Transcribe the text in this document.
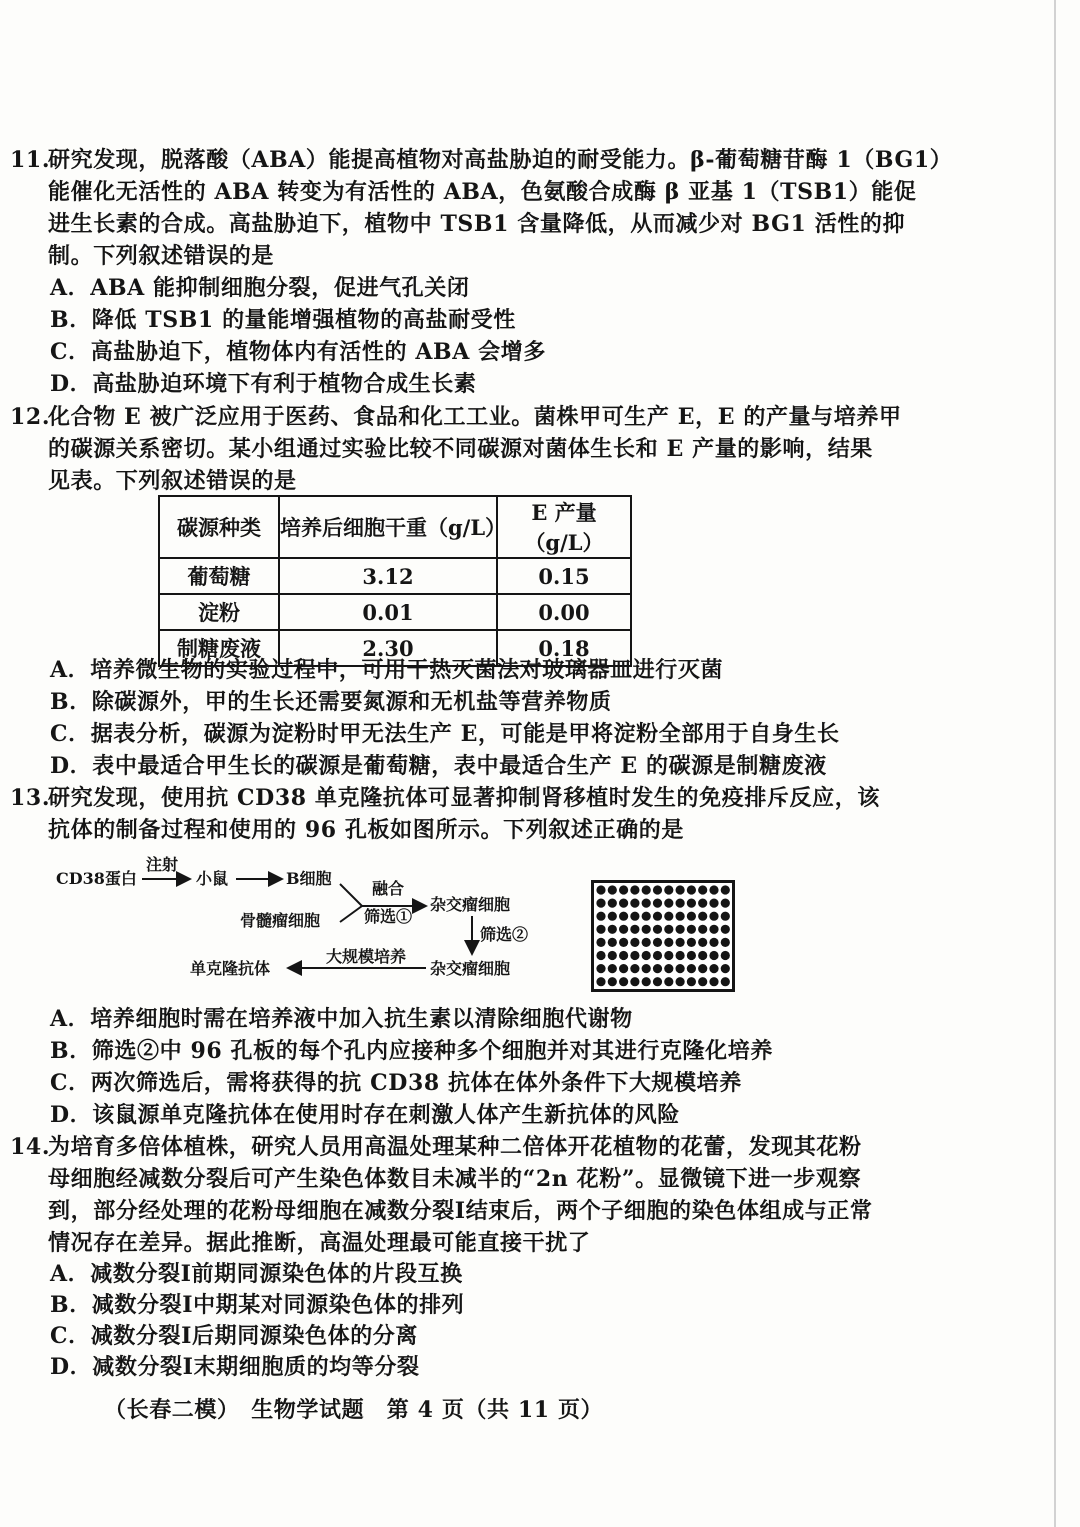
11.研究发现，脱落酸（ABA）能提高植物对高盐胁迫的耐受能力。β-葡萄糖苷酶 1（BG1）
能催化无活性的 ABA 转变为有活性的 ABA，色氨酸合成酶 β 亚基 1（TSB1）能促
进生长素的合成。高盐胁迫下，植物中 TSB1 含量降低，从而减少对 BG1 活性的抑
制。下列叙述错误的是
A．ABA 能抑制细胞分裂，促进气孔关闭
B．降低 TSB1 的量能增强植物的高盐耐受性
C．高盐胁迫下，植物体内有活性的 ABA 会增多
D．高盐胁迫环境下有利于植物合成生长素
12.化合物 E 被广泛应用于医药、食品和化工工业。菌株甲可生产 E，E 的产量与培养甲
的碳源关系密切。某小组通过实验比较不同碳源对菌体生长和 E 产量的影响，结果
见表。下列叙述错误的是
碳源种类	培养后细胞干重（g/L）	E 产量（g/L）
葡萄糖	3.12	0.15
淀粉	0.01	0.00
制糖废液	2.30	0.18
A．培养微生物的实验过程中，可用干热灭菌法对玻璃器皿进行灭菌
B．除碳源外，甲的生长还需要氮源和无机盐等营养物质
C．据表分析，碳源为淀粉时甲无法生产 E，可能是甲将淀粉全部用于自身生长
D．表中最适合甲生长的碳源是葡萄糖，表中最适合生产 E 的碳源是制糖废液
13.研究发现，使用抗 CD38 单克隆抗体可显著抑制肾移植时发生的免疫排斥反应，该
抗体的制备过程和使用的 96 孔板如图所示。下列叙述正确的是
CD38蛋白
注射
小鼠	B细胞
骨髓瘤细胞
融合
筛选①
杂交瘤细胞
筛选②
杂交瘤细胞
大规模培养
单克隆抗体
A．培养细胞时需在培养液中加入抗生素以清除细胞代谢物
B．筛选②中 96 孔板的每个孔内应接种多个细胞并对其进行克隆化培养
C．两次筛选后，需将获得的抗 CD38 抗体在体外条件下大规模培养
D．该鼠源单克隆抗体在使用时存在刺激人体产生新抗体的风险
14.为培育多倍体植株，研究人员用高温处理某种二倍体开花植物的花蕾，发现其花粉
母细胞经减数分裂后可产生染色体数目未减半的“2n 花粉”。显微镜下进一步观察
到，部分经处理的花粉母细胞在减数分裂Ⅰ结束后，两个子细胞的染色体组成与正常
情况存在差异。据此推断，高温处理最可能直接干扰了
A．减数分裂Ⅰ前期同源染色体的片段互换
B．减数分裂Ⅰ中期某对同源染色体的排列
C．减数分裂Ⅰ后期同源染色体的分离
D．减数分裂Ⅰ末期细胞质的均等分裂
（长春二模）　生物学试题　第 4 页（共 11 页）
